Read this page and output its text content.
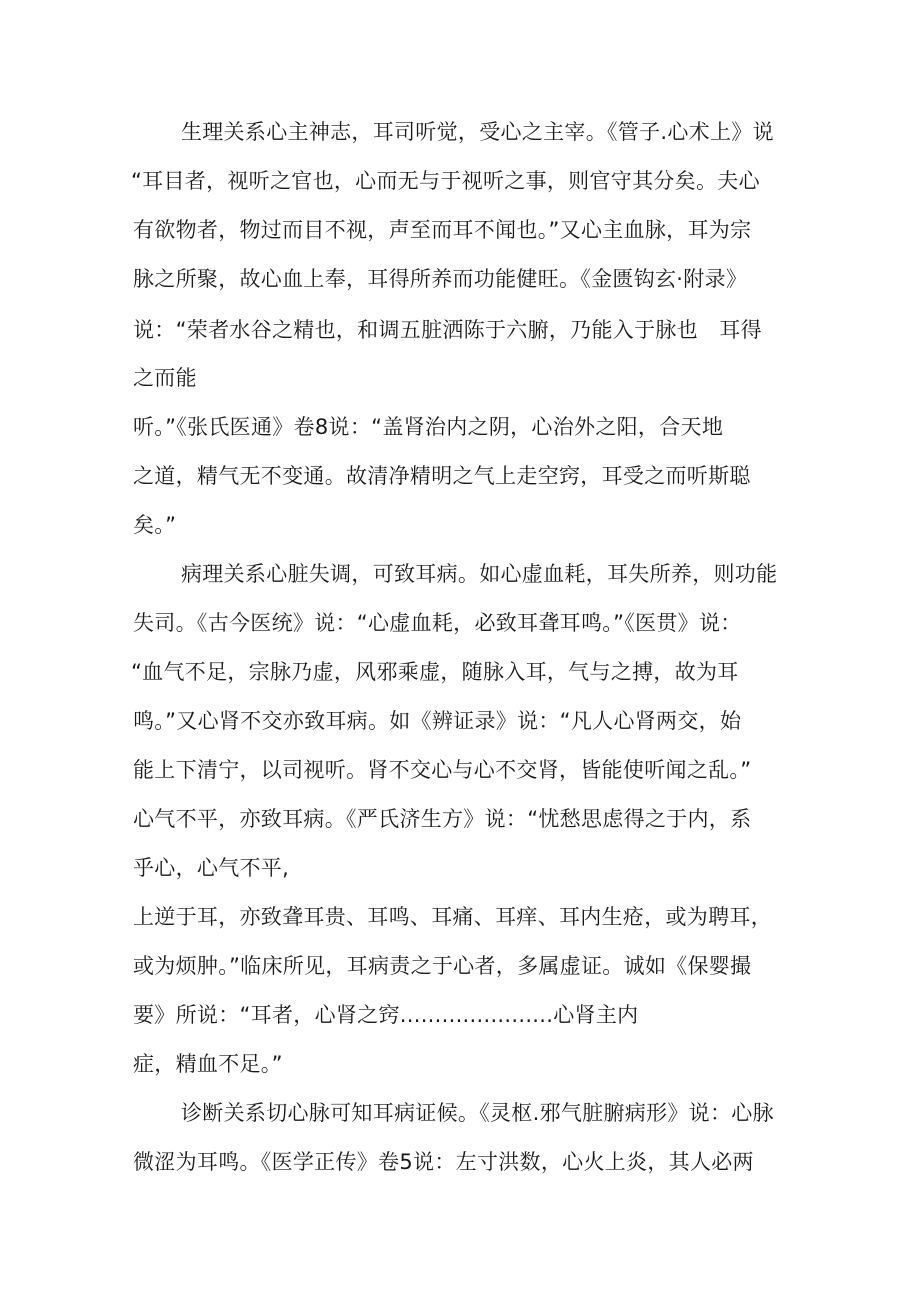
生理关系心主神志，耳司听觉，受心之主宰。《管子.心术上》说
“耳目者，视听之官也，心而无与于视听之事，则官守其分矣。夫心
有欲物者，物过而目不视，声至而耳不闻也。”又心主血脉，耳为宗
脉之所聚，故心血上奉，耳得所养而功能健旺。《金匮钩玄·附录》
说：“荣者水谷之精也，和调五脏洒陈于六腑，乃能入于脉也　耳得
之而能
听。”《张氏医通》卷8说：“盖肾治内之阴，心治外之阳，合天地
之道，精气无不变通。故清净精明之气上走空窍，耳受之而听斯聪
矣。”
病理关系心脏失调，可致耳病。如心虚血耗，耳失所养，则功能
失司。《古今医统》说：“心虚血耗，必致耳聋耳鸣。”《医贯》说：
“血气不足，宗脉乃虚，风邪乘虚，随脉入耳，气与之搏，故为耳
鸣。”又心肾不交亦致耳病。如《辨证录》说：“凡人心肾两交，始
能上下清宁，以司视听。肾不交心与心不交肾，皆能使听闻之乱。”
心气不平，亦致耳病。《严氏济生方》说：“忧愁思虑得之于内，系
乎心，心气不平,
上逆于耳，亦致聋耳贵、耳鸣、耳痛、耳痒、耳内生疮，或为聘耳，
或为烦肿。”临床所见，耳病责之于心者，多属虚证。诚如《保婴撮
要》所说：“耳者，心肾之窍......................心肾主内
症，精血不足。”
诊断关系切心脉可知耳病证候。《灵枢.邪气脏腑病形》说：心脉
微涩为耳鸣。《医学正传》卷5说：左寸洪数，心火上炎，其人必两
